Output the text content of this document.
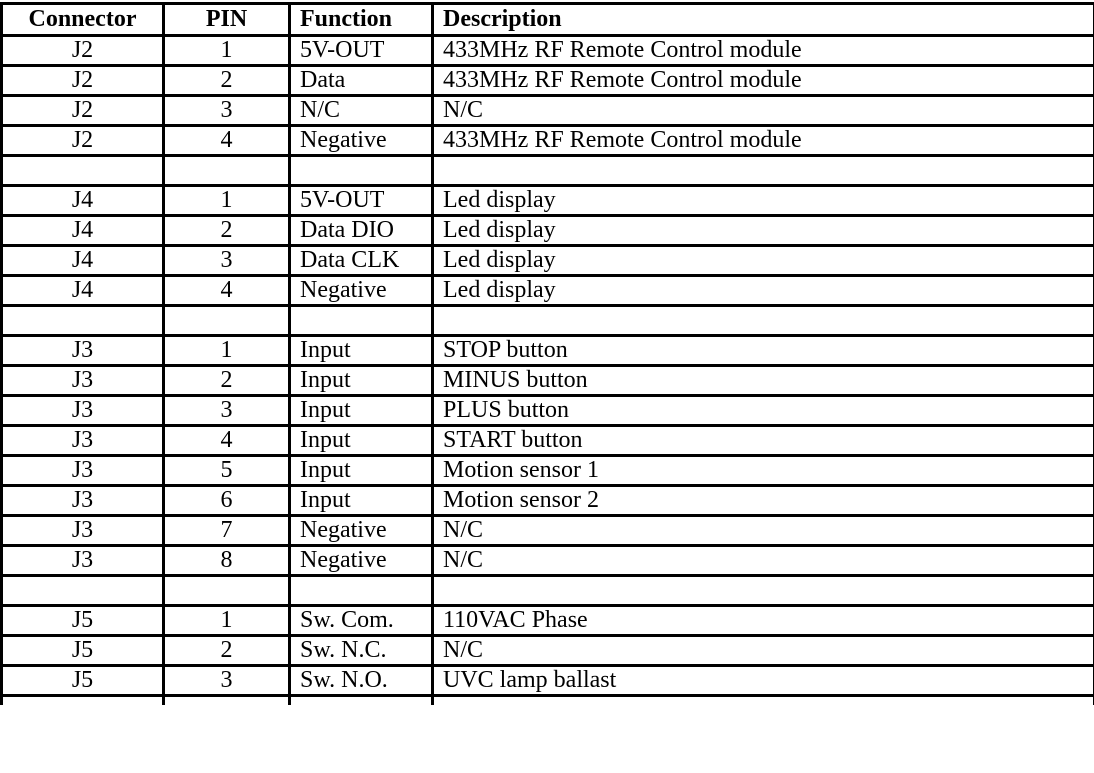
Connector	PIN	Function	Description
J2	1	5V-OUT	433MHz RF Remote Control module
J2	2	Data	433MHz RF Remote Control module
J2	3	N/C	N/C
J2	4	Negative	433MHz RF Remote Control module

J4	1	5V-OUT	Led display
J4	2	Data DIO	Led display
J4	3	Data CLK	Led display
J4	4	Negative	Led display

J3	1	Input	STOP button
J3	2	Input	MINUS button
J3	3	Input	PLUS button
J3	4	Input	START button
J3	5	Input	Motion sensor 1
J3	6	Input	Motion sensor 2
J3	7	Negative	N/C
J3	8	Negative	N/C

J5	1	Sw. Com.	110VAC Phase
J5	2	Sw. N.C.	N/C
J5	3	Sw. N.O.	UVC lamp ballast
